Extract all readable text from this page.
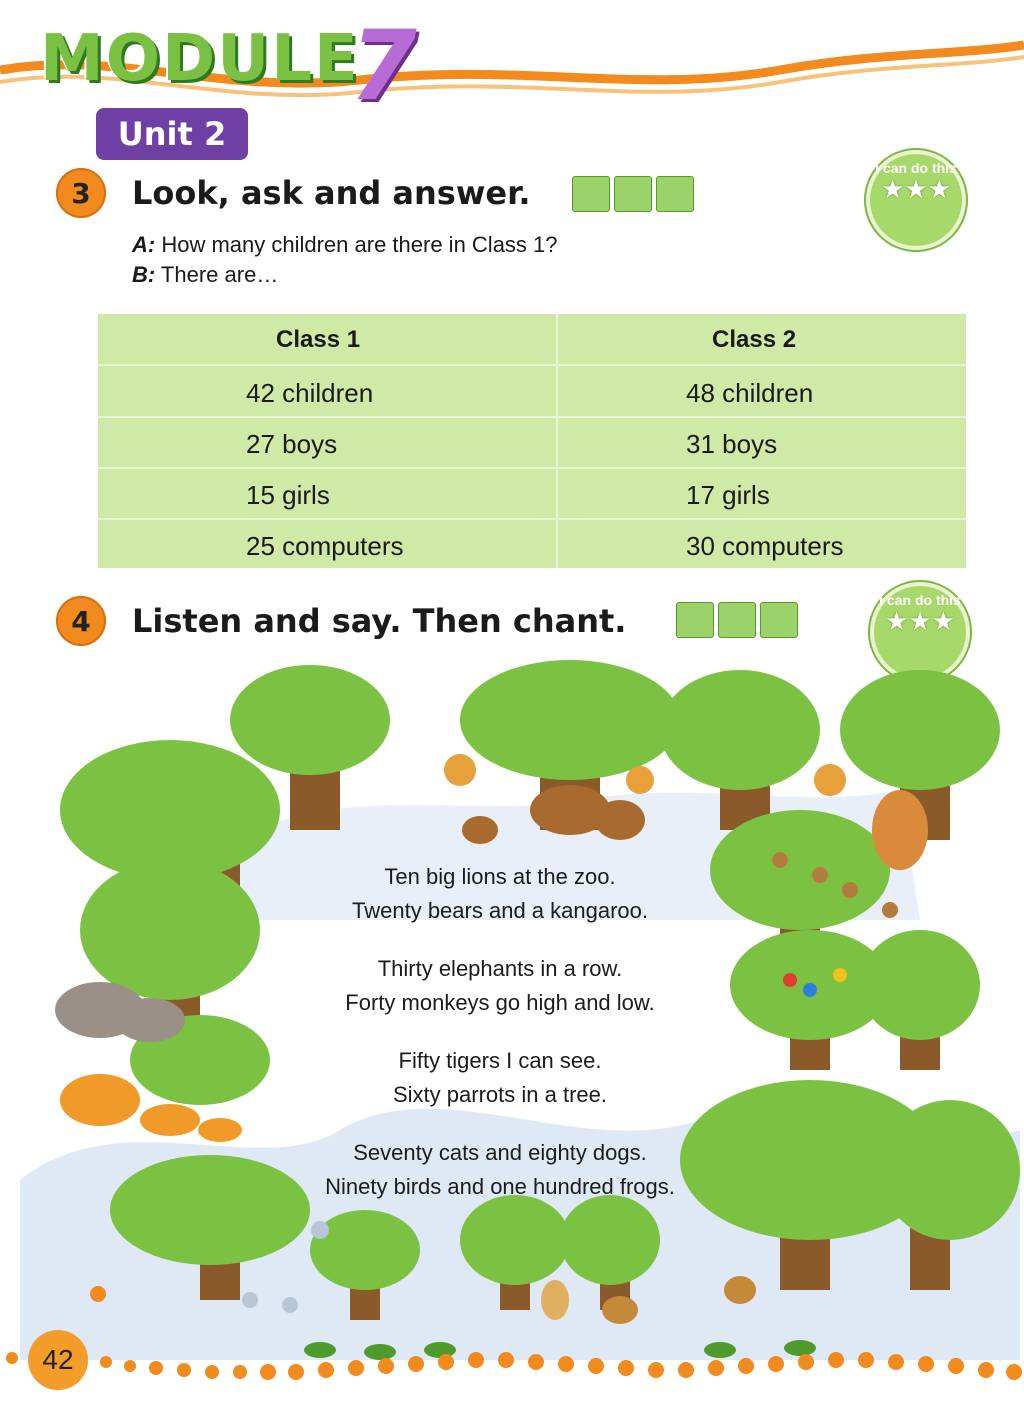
MODULE
7
Unit 2
3	Look, ask and answer.
I can do this
★★★
A: How many children are there in Class 1?
B: There are…
Class 1	Class 2
42 children	48 children
27 boys	31 boys
15 girls	17 girls
25 computers	30 computers
4	Listen and say. Then chant.
I can do this
★★★
Ten big lions at the zoo.
Twenty bears and a kangaroo.
Thirty elephants in a row.
Forty monkeys go high and low.
Fifty tigers I can see.
Sixty parrots in a tree.
Seventy cats and eighty dogs.
Ninety birds and one hundred frogs.
42
